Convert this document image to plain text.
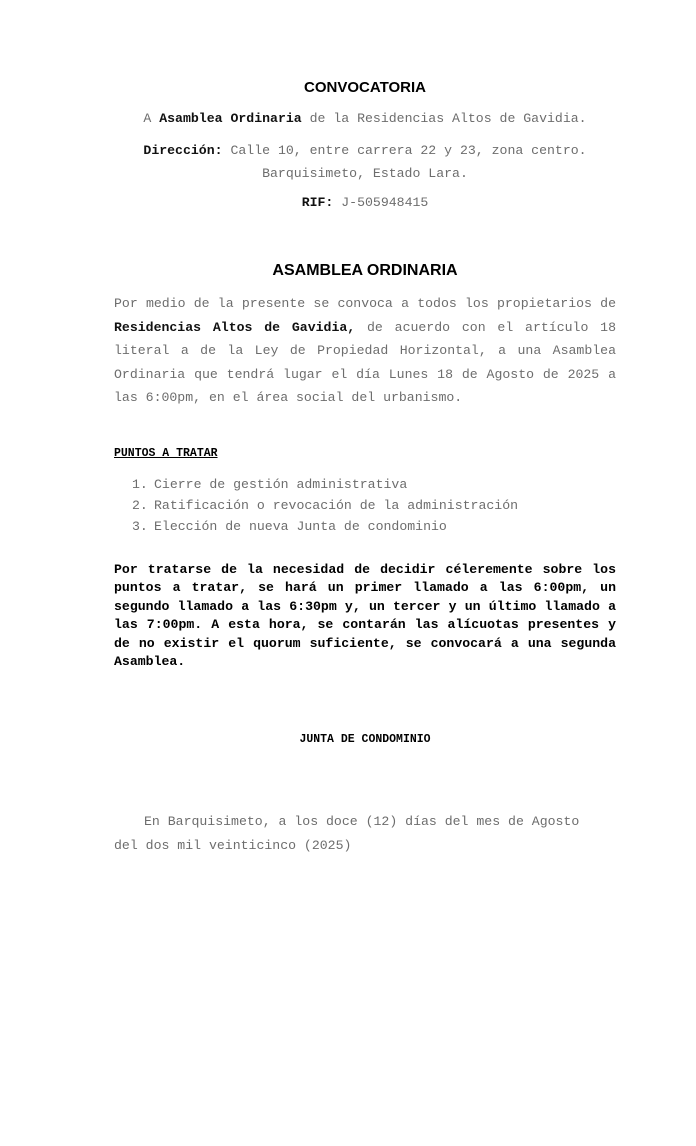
CONVOCATORIA
A Asamblea Ordinaria de la Residencias Altos de Gavidia.
Dirección: Calle 10, entre carrera 22 y 23, zona centro.
Barquisimeto, Estado Lara.
RIF: J-505948415
ASAMBLEA ORDINARIA
Por medio de la presente se convoca a todos los propietarios de Residencias Altos de Gavidia, de acuerdo con el artículo 18 literal a de la Ley de Propiedad Horizontal, a una Asamblea Ordinaria que tendrá lugar el día Lunes 18 de Agosto de 2025 a las 6:00pm, en el área social del urbanismo.
PUNTOS A TRATAR
1. Cierre de gestión administrativa
2. Ratificación o revocación de la administración
3. Elección de nueva Junta de condominio
Por tratarse de la necesidad de decidir céleremente sobre los puntos a tratar, se hará un primer llamado a las 6:00pm, un segundo llamado a las 6:30pm y, un tercer y un último llamado a las 7:00pm. A esta hora, se contarán las alícuotas presentes y de no existir el quorum suficiente, se convocará a una segunda Asamblea.
JUNTA DE CONDOMINIO
En Barquisimeto, a los doce (12) días del mes de Agosto
del dos mil veinticinco (2025)
